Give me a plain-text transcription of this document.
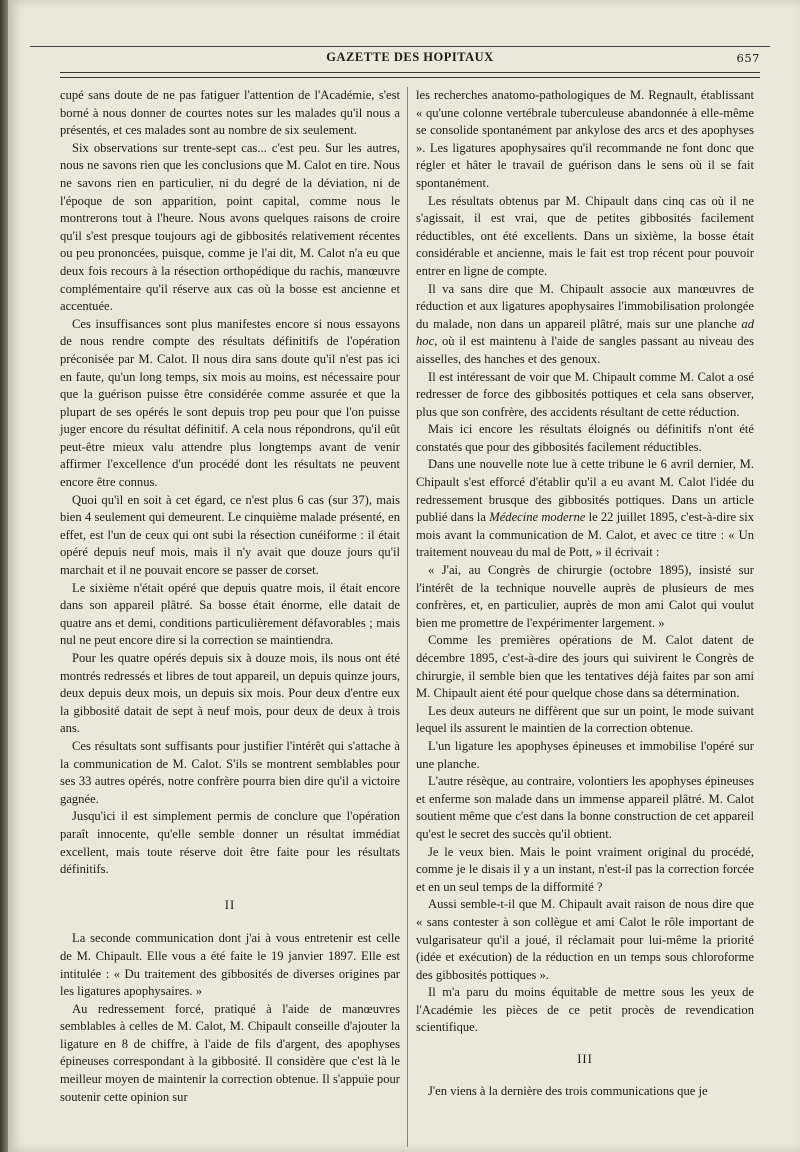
GAZETTE DES HOPITAUX	657

cupé sans doute de ne pas fatiguer l'attention de l'Académie, s'est borné à nous donner de courtes notes sur les malades qu'il nous a présentés, et ces malades sont au nombre de six seulement.

Six observations sur trente-sept cas... c'est peu. Sur les autres, nous ne savons rien que les conclusions que M. Calot en tire. Nous ne savons rien en particulier, ni du degré de la déviation, ni de l'époque de son apparition, point capital, comme nous le montrerons tout à l'heure. Nous avons quelques raisons de croire qu'il s'est presque toujours agi de gibbosités relativement récentes ou peu prononcées, puisque, comme je l'ai dit, M. Calot n'a eu que deux fois recours à la résection orthopédique du rachis, manœuvre complémentaire qu'il réserve aux cas où la bosse est ancienne et accentuée.

Ces insuffisances sont plus manifestes encore si nous essayons de nous rendre compte des résultats définitifs de l'opération préconisée par M. Calot. Il nous dira sans doute qu'il n'est pas ici en faute, qu'un long temps, six mois au moins, est nécessaire pour que la guérison puisse être considérée comme assurée et que la plupart de ses opérés le sont depuis trop peu pour que l'on puisse juger encore du résultat définitif. A cela nous répondrons, qu'il eût peut-être mieux valu attendre plus longtemps avant de venir affirmer l'excellence d'un procédé dont les résultats ne peuvent encore être connus.

Quoi qu'il en soit à cet égard, ce n'est plus 6 cas (sur 37), mais bien 4 seulement qui demeurent. Le cinquième malade présenté, en effet, est l'un de ceux qui ont subi la résection cunéiforme : il était opéré depuis neuf mois, mais il n'y avait que douze jours qu'il marchait et il ne pouvait encore se passer de corset.

Le sixième n'était opéré que depuis quatre mois, il était encore dans son appareil plâtré. Sa bosse était énorme, elle datait de quatre ans et demi, conditions particulièrement défavorables ; mais nul ne peut encore dire si la correction se maintiendra.

Pour les quatre opérés depuis six à douze mois, ils nous ont été montrés redressés et libres de tout appareil, un depuis quinze jours, deux depuis deux mois, un depuis six mois. Pour deux d'entre eux la gibbosité datait de sept à neuf mois, pour deux de deux à trois ans.

Ces résultats sont suffisants pour justifier l'intérêt qui s'attache à la communication de M. Calot. S'ils se montrent semblables pour ses 33 autres opérés, notre confrère pourra bien dire qu'il a victoire gagnée.

Jusqu'ici il est simplement permis de conclure que l'opération paraît innocente, qu'elle semble donner un résultat immédiat excellent, mais toute réserve doit être faite pour les résultats définitifs.

II

La seconde communication dont j'ai à vous entretenir est celle de M. Chipault. Elle vous a été faite le 19 janvier 1897. Elle est intitulée : « Du traitement des gibbosités de diverses origines par les ligatures apophysaires. »

Au redressement forcé, pratiqué à l'aide de manœuvres semblables à celles de M. Calot, M. Chipault conseille d'ajouter la ligature en 8 de chiffre, à l'aide de fils d'argent, des apophyses épineuses correspondant à la gibbosité. Il considère que c'est là le meilleur moyen de maintenir la correction obtenue. Il s'appuie pour soutenir cette opinion sur

les recherches anatomo-pathologiques de M. Regnault, établissant « qu'une colonne vertébrale tuberculeuse abandonnée à elle-même se consolide spontanément par ankylose des arcs et des apophyses ». Les ligatures apophysaires qu'il recommande ne font donc que régler et hâter le travail de guérison dans le sens où il se fait spontanément.

Les résultats obtenus par M. Chipault dans cinq cas où il ne s'agissait, il est vrai, que de petites gibbosités facilement réductibles, ont été excellents. Dans un sixième, la bosse était considérable et ancienne, mais le fait est trop récent pour pouvoir entrer en ligne de compte.

Il va sans dire que M. Chipault associe aux manœuvres de réduction et aux ligatures apophysaires l'immobilisation prolongée du malade, non dans un appareil plâtré, mais sur une planche ad hoc, où il est maintenu à l'aide de sangles passant au niveau des aisselles, des hanches et des genoux.

Il est intéressant de voir que M. Chipault comme M. Calot a osé redresser de force des gibbosités pottiques et cela sans observer, plus que son confrère, des accidents résultant de cette réduction.

Mais ici encore les résultats éloignés ou définitifs n'ont été constatés que pour des gibbosités facilement réductibles.

Dans une nouvelle note lue à cette tribune le 6 avril dernier, M. Chipault s'est efforcé d'établir qu'il a eu avant M. Calot l'idée du redressement brusque des gibbosités pottiques. Dans un article publié dans la Médecine moderne le 22 juillet 1895, c'est-à-dire six mois avant la communication de M. Calot, et avec ce titre : « Un traitement nouveau du mal de Pott, » il écrivait :

« J'ai, au Congrès de chirurgie (octobre 1895), insisté sur l'intérêt de la technique nouvelle auprès de plusieurs de mes confrères, et, en particulier, auprès de mon ami Calot qui voulut bien me promettre de l'expérimenter largement. »

Comme les premières opérations de M. Calot datent de décembre 1895, c'est-à-dire des jours qui suivirent le Congrès de chirurgie, il semble bien que les tentatives déjà faites par son ami M. Chipault aient été pour quelque chose dans sa détermination.

Les deux auteurs ne diffèrent que sur un point, le mode suivant lequel ils assurent le maintien de la correction obtenue.

L'un ligature les apophyses épineuses et immobilise l'opéré sur une planche.

L'autre résèque, au contraire, volontiers les apophyses épineuses et enferme son malade dans un immense appareil plâtré. M. Calot soutient même que c'est dans la bonne construction de cet appareil qu'est le secret des succès qu'il obtient.

Je le veux bien. Mais le point vraiment original du procédé, comme je le disais il y a un instant, n'est-il pas la correction forcée et en un seul temps de la difformité ?

Aussi semble-t-il que M. Chipault avait raison de nous dire que « sans contester à son collègue et ami Calot le rôle important de vulgarisateur qu'il a joué, il réclamait pour lui-même la priorité (idée et exécution) de la réduction en un temps sous chloroforme des gibbosités pottiques ».

Il m'a paru du moins équitable de mettre sous les yeux de l'Académie les pièces de ce petit procès de revendication scientifique.

III

J'en viens à la dernière des trois communications que je
